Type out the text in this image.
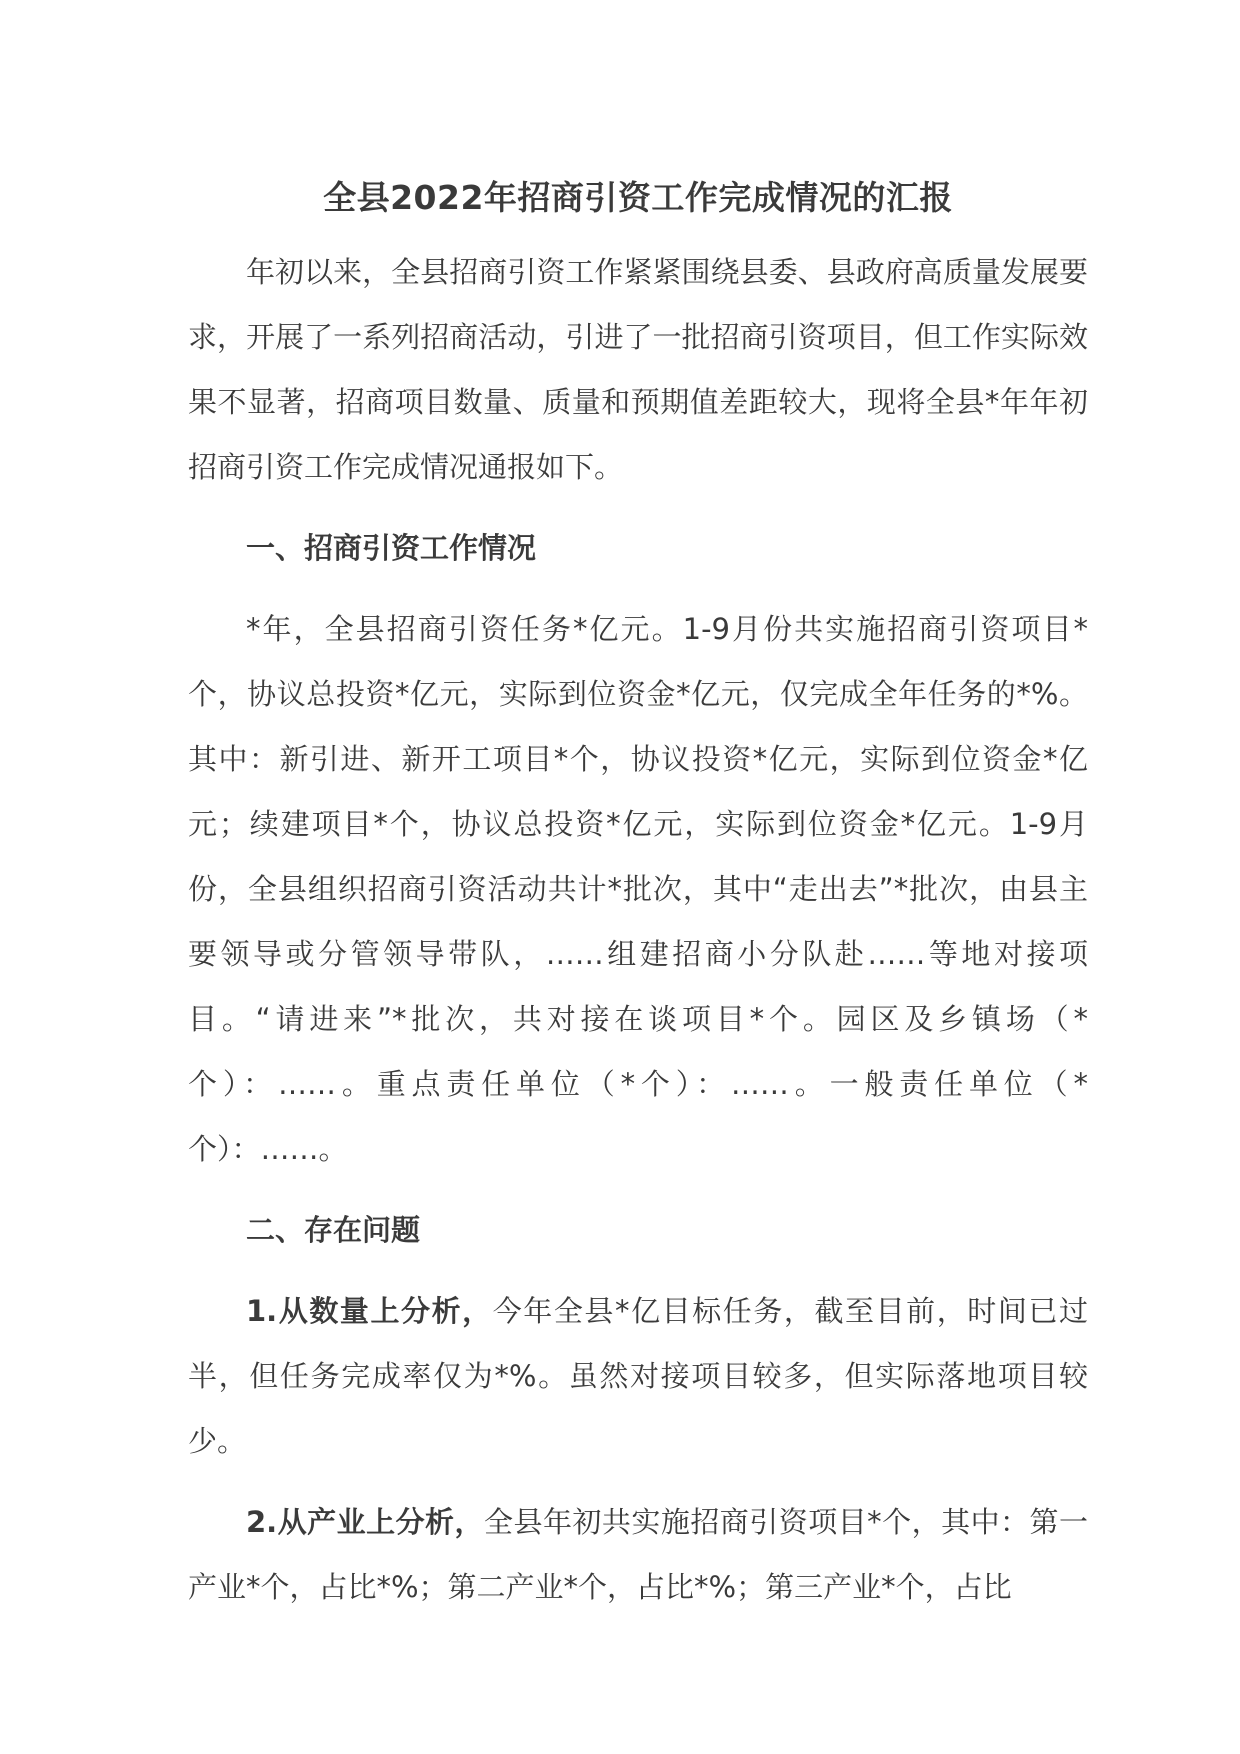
全县2022年招商引资工作完成情况的汇报

年初以来，全县招商引资工作紧紧围绕县委、县政府高质量发展要求，开展了一系列招商活动，引进了一批招商引资项目，但工作实际效果不显著，招商项目数量、质量和预期值差距较大，现将全县*年年初招商引资工作完成情况通报如下。

一、招商引资工作情况

*年，全县招商引资任务*亿元。1-9月份共实施招商引资项目*个，协议总投资*亿元，实际到位资金*亿元，仅完成全年任务的*%。其中：新引进、新开工项目*个，协议投资*亿元，实际到位资金*亿元；续建项目*个，协议总投资*亿元，实际到位资金*亿元。1-9月份，全县组织招商引资活动共计*批次，其中“走出去”*批次，由县主要领导或分管领导带队，……组建招商小分队赴……等地对接项目。“请进来”*批次，共对接在谈项目*个。园区及乡镇场（*个）：……。重点责任单位（*个）：……。一般责任单位（*个）：……。

二、存在问题

1.从数量上分析，今年全县*亿目标任务，截至目前，时间已过半，但任务完成率仅为*%。虽然对接项目较多，但实际落地项目较少。

2.从产业上分析，全县年初共实施招商引资项目*个，其中：第一产业*个，占比*%；第二产业*个，占比*%；第三产业*个，占比
